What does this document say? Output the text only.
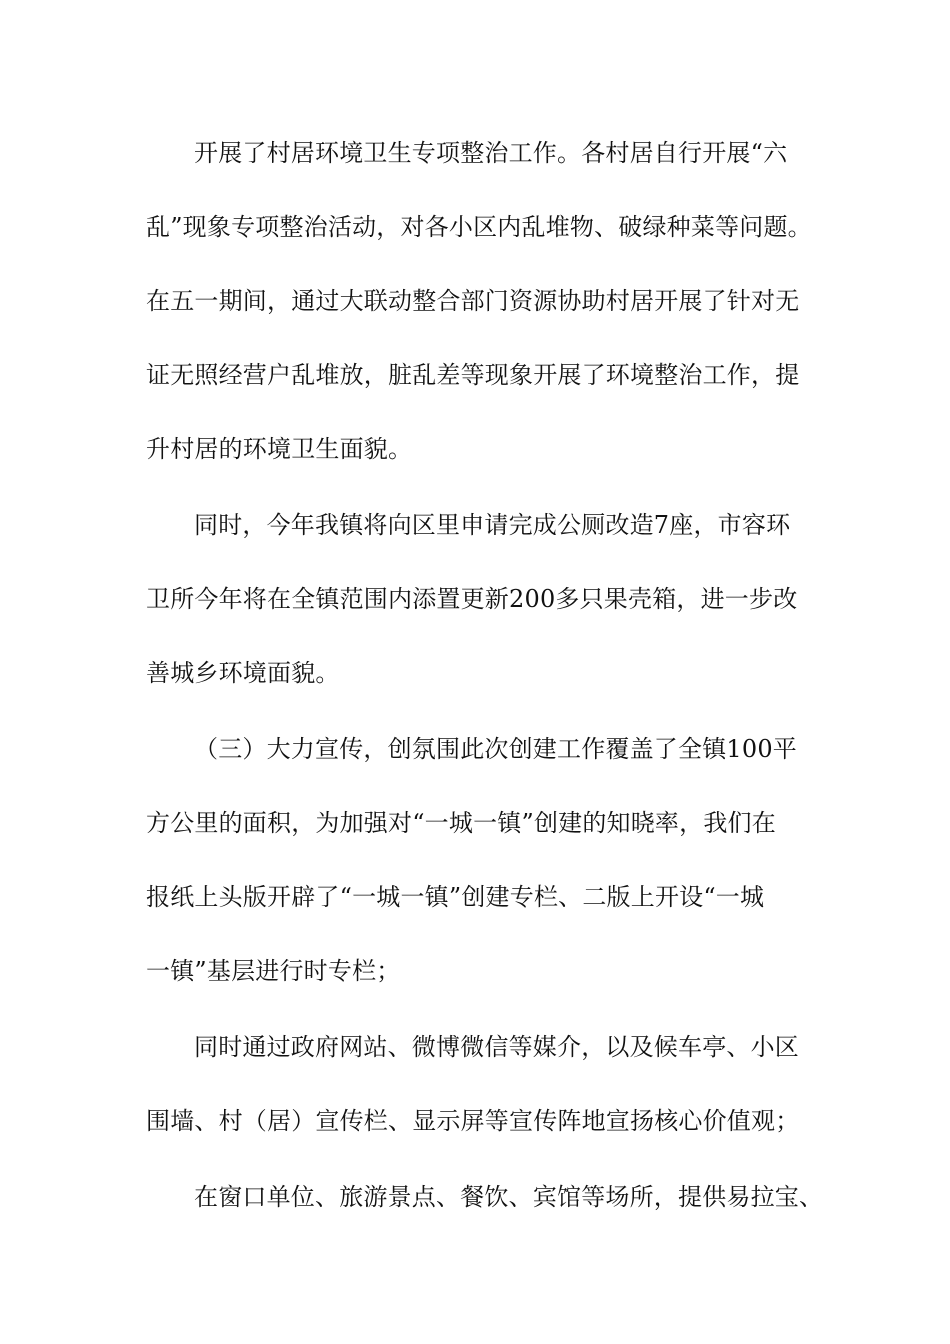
开展了村居环境卫生专项整治工作。各村居自行开展“六
乱”现象专项整治活动，对各小区内乱堆物、破绿种菜等问题。
在五一期间，通过大联动整合部门资源协助村居开展了针对无
证无照经营户乱堆放，脏乱差等现象开展了环境整治工作，提
升村居的环境卫生面貌。
同时，今年我镇将向区里申请完成公厕改造7座，市容环
卫所今年将在全镇范围内添置更新200多只果壳箱，进一步改
善城乡环境面貌。
（三）大力宣传，创氛围此次创建工作覆盖了全镇100平
方公里的面积，为加强对“一城一镇”创建的知晓率，我们在
报纸上头版开辟了“一城一镇”创建专栏、二版上开设“一城
一镇”基层进行时专栏；
同时通过政府网站、微博微信等媒介，以及候车亭、小区
围墙、村（居）宣传栏、显示屏等宣传阵地宣扬核心价值观；
在窗口单位、旅游景点、餐饮、宾馆等场所，提供易拉宝、
